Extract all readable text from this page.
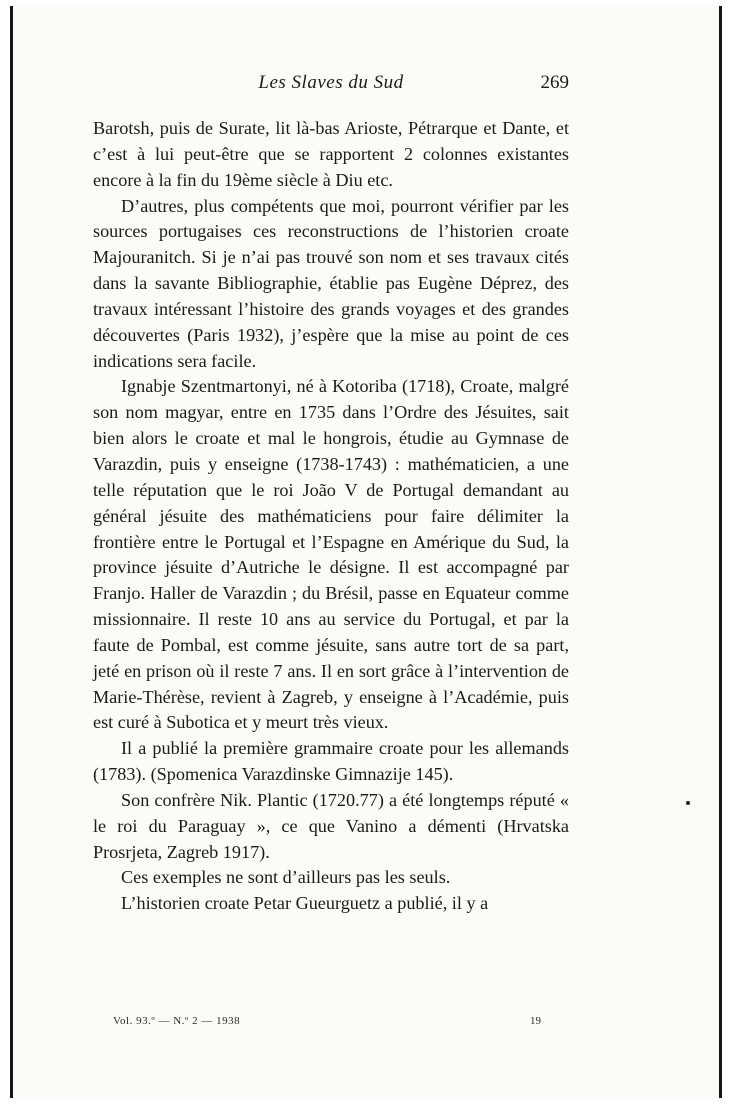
Les Slaves du Sud	269

Barotsh, puis de Surate, lit là-bas Arioste, Pétrarque et Dante, et c’est à lui peut-être que se rapportent 2 colonnes existantes encore à la fin du 19ème siècle à Diu etc.

D’autres, plus compétents que moi, pourront vérifier par les sources portugaises ces reconstructions de l’historien croate Majouranitch. Si je n’ai pas trouvé son nom et ses travaux cités dans la savante Bibliographie, établie pas Eugène Déprez, des travaux intéressant l’histoire des grands voyages et des grandes découvertes (Paris 1932), j’espère que la mise au point de ces indications sera facile.

Ignabje Szentmartonyi, né à Kotoriba (1718), Croate, malgré son nom magyar, entre en 1735 dans l’Ordre des Jésuites, sait bien alors le croate et mal le hongrois, étudie au Gymnase de Varazdin, puis y enseigne (1738-1743) : mathématicien, a une telle réputation que le roi João V de Portugal demandant au général jésuite des mathématiciens pour faire délimiter la frontière entre le Portugal et l’Espagne en Amérique du Sud, la province jésuite d’Autriche le désigne. Il est accompagné par Franjo. Haller de Varazdin ; du Brésil, passe en Equateur comme missionnaire. Il reste 10 ans au service du Portugal, et par la faute de Pombal, est comme jésuite, sans autre tort de sa part, jeté en prison où il reste 7 ans. Il en sort grâce à l’intervention de Marie-Thérèse, revient à Zagreb, y enseigne à l’Académie, puis est curé à Subotica et y meurt très vieux.

Il a publié la première grammaire croate pour les allemands (1783). (Spomenica Varazdinske Gimnazije 145).

Son confrère Nik. Plantic (1720.77) a été longtemps réputé « le roi du Paraguay », ce que Vanino a démenti (Hrvatska Prosrjeta, Zagreb 1917).

Ces exemples ne sont d’ailleurs pas les seuls.

L’historien croate Petar Gueurguetz a publié, il y a

Vol. 93.º — N.º 2 — 1938	19
